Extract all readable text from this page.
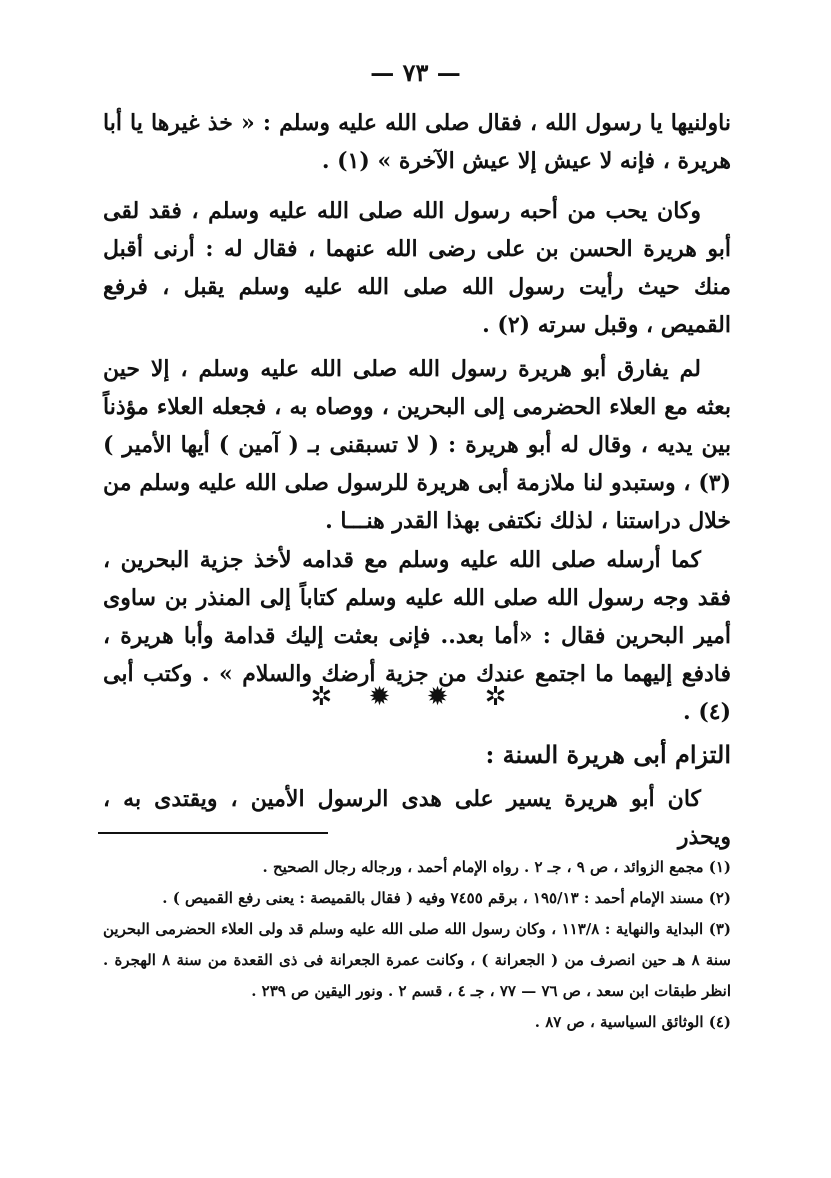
— ٧٣ —

ناولنيها يا رسول الله ، فقال صلى الله عليه وسلم : « خذ غيرها يا أبا هريرة ، فإنه لا عيش إلا عيش الآخرة » (١) .

وكان يحب من أحبه رسول الله صلى الله عليه وسلم ، فقد لقى أبو هريرة الحسن بن على رضى الله عنهما ، فقال له : أرنى أقبل منك حيث رأيت رسول الله صلى الله عليه وسلم يقبل ، فرفع القميص ، وقبل سرته (٢) .

لم يفارق أبو هريرة رسول الله صلى الله عليه وسلم ، إلا حين بعثه مع العلاء الحضرمى إلى البحرين ، ووصاه به ، فجعله العلاء مؤذناً بين يديه ، وقال له أبو هريرة : ( لا تسبقنى بـ ( آمين ) أيها الأمير ) (٣) ، وستبدو لنا ملازمة أبى هريرة للرسول صلى الله عليه وسلم من خلال دراستنا ، لذلك نكتفى بهذا القدر هنـــا .

كما أرسله صلى الله عليه وسلم مع قدامه لأخذ جزية البحرين ، فقد وجه رسول الله صلى الله عليه وسلم كتاباً إلى المنذر بن ساوى أمير البحرين فقال : «أما بعد.. فإنى بعثت إليك قدامة وأبا هريرة ، فادفع إليهما ما اجتمع عندك من جزية أرضك والسلام » . وكتب أبى (٤) .

✲ ✹ ✹ ✲
التزام أبى هريرة السنة :

كان أبو هريرة يسير على هدى الرسول الأمين ، ويقتدى به ، ويحذر

(١) مجمع الزوائد ، ص ٩ ، جـ ٢ . رواه الإمام أحمد ، ورجاله رجال الصحيح .

(٢) مسند الإمام أحمد : ١٩٥/١٣ ، برقم ٧٤٥٥ وفيه ( فقال بالقميصة : يعنى رفع القميص ) .

(٣) البداية والنهاية : ١١٣/٨ ، وكان رسول الله صلى الله عليه وسلم قد ولى العلاء الحضرمى البحرين سنة ٨ هـ حين انصرف من ( الجعرانة ) ، وكانت عمرة الجعرانة فى ذى القعدة من سنة ٨ الهجرة . انظر طبقات ابن سعد ، ص ٧٦ — ٧٧ ، جـ ٤ ، قسم ٢ . ونور اليقين ص ٢٣٩ .

(٤) الوثائق السياسية ، ص ٨٧ .
